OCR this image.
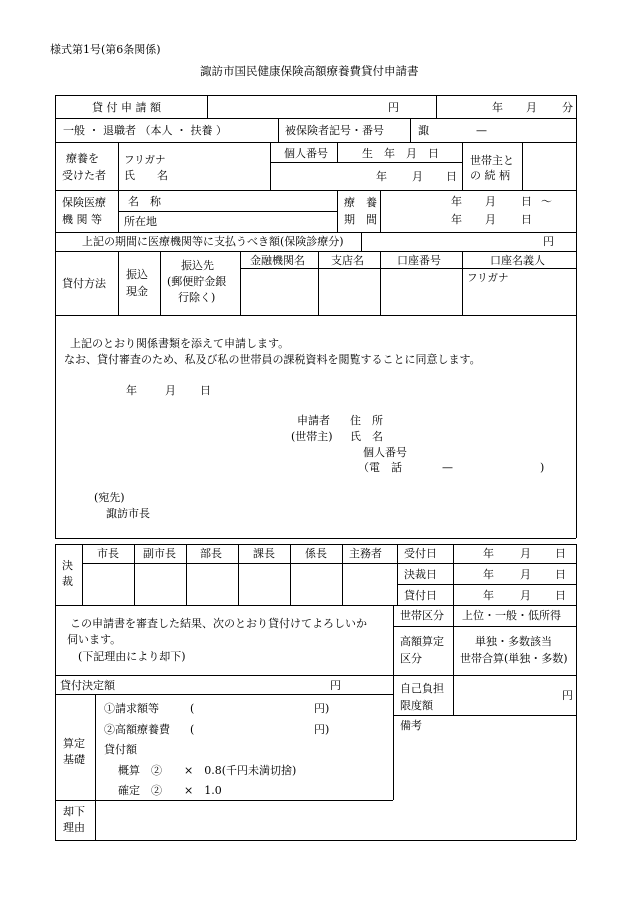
様式第1号(第6条関係)
諏訪市国民健康保険高額療養費貸付申請書
貸 付 申 請 額	円	年 月 分
一般 ・ 退職者 （本人 ・ 扶養 ）	被保険者記号・番号	諏	—
療養を
受けた者
フリガナ
氏　　名
個人番号	生　年　月　日
年 月 日
世帯主と
の 続 柄
保険医療
機 関 等
名　称
所在地
療　養
期　間
年 月 日 ～
年 月 日
上記の期間に医療機関等に支払うべき額(保険診療分)	円
貸付方法
振込
現金
振込先
(郵便貯金銀
行除く)
金融機関名 支店名	口座番号	口座名義人
フリガナ
上記のとおり関係書類を添えて申請します。
なお、貸付審査のため、私及び私の世帯員の課税資料を閲覧することに同意します。
年	月 日
申請者
(世帯主)
住　所
氏　名
個人番号
（電　話	—	)
(宛先)
諏訪市長
決
裁
市長 副市長 部長	課長	係長 主務者 受付日	年 月 日
決裁日	年 月 日
貸付日	年 月 日
この申請書を審査した結果、次のとおり貸付けてよろしいか
伺います。
(下記理由により却下)
世帯区分 上位・一般・低所得
高額算定
区分
単独・多数該当
世帯合算(単独・多数)
貸付決定額	円	自己負担
限度額
円
算定
基礎
①請求額等	(	円)
②高額療養費 (	円)
貸付額
概算　②　　×　0.8(千円未満切捨)
確定　②　　×　1.0
備考
却下
理由
